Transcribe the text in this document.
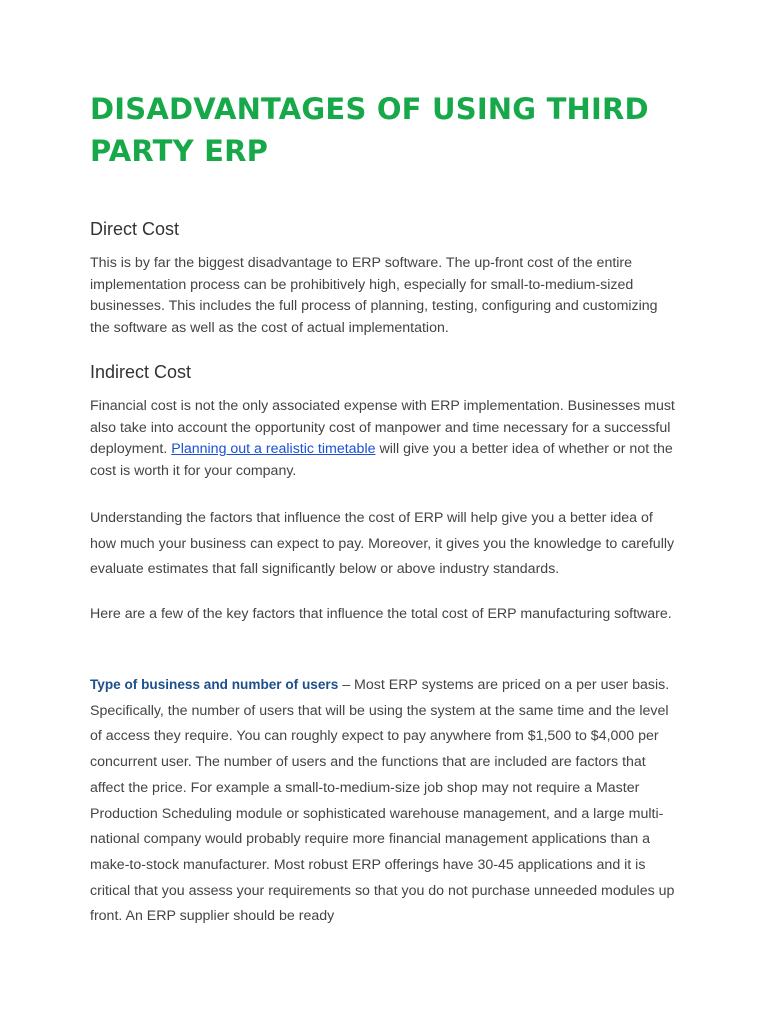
DISADVANTAGES OF USING THIRD PARTY ERP
Direct Cost

This is by far the biggest disadvantage to ERP software. The up-front cost of the entire implementation process can be prohibitively high, especially for small-to-medium-sized businesses. This includes the full process of planning, testing, configuring and customizing the software as well as the cost of actual implementation.

Indirect Cost

Financial cost is not the only associated expense with ERP implementation. Businesses must also take into account the opportunity cost of manpower and time necessary for a successful deployment. Planning out a realistic timetable will give you a better idea of whether or not the cost is worth it for your company.

Understanding the factors that influence the cost of ERP will help give you a better idea of how much your business can expect to pay. Moreover, it gives you the knowledge to carefully evaluate estimates that fall significantly below or above industry standards.

Here are a few of the key factors that influence the total cost of ERP manufacturing software.

Type of business and number of users – Most ERP systems are priced on a per user basis. Specifically, the number of users that will be using the system at the same time and the level of access they require. You can roughly expect to pay anywhere from $1,500 to $4,000 per concurrent user. The number of users and the functions that are included are factors that affect the price. For example a small-to-medium-size job shop may not require a Master Production Scheduling module or sophisticated warehouse management, and a large multi-national company would probably require more financial management applications than a make-to-stock manufacturer. Most robust ERP offerings have 30-45 applications and it is critical that you assess your requirements so that you do not purchase unneeded modules up front. An ERP supplier should be ready
